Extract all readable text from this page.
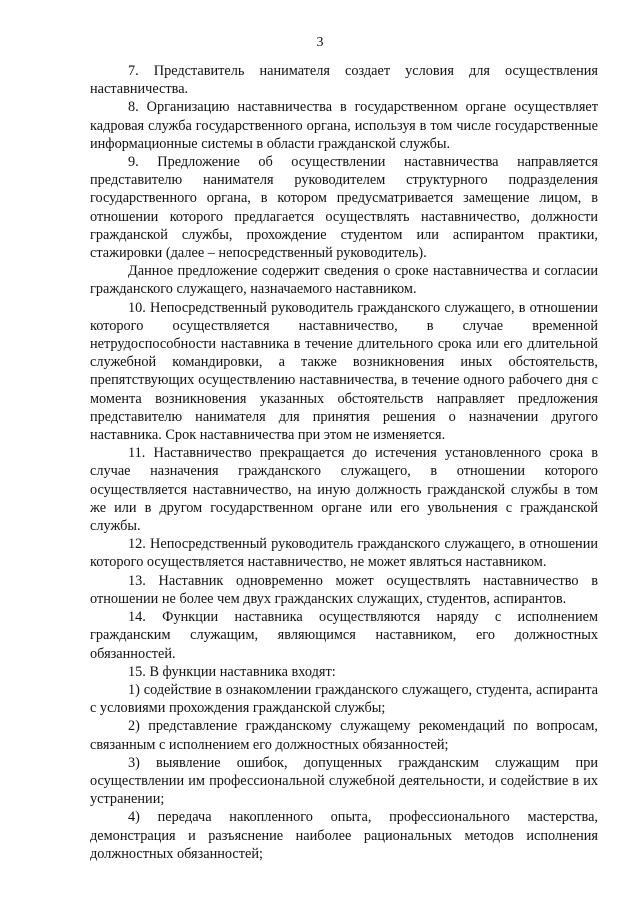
3

7. Представитель нанимателя создает условия для осуществления наставничества.

8. Организацию наставничества в государственном органе осуществляет кадровая служба государственного органа, используя в том числе государственные информационные системы в области гражданской службы.

9. Предложение об осуществлении наставничества направляется представителю нанимателя руководителем структурного подразделения государственного органа, в котором предусматривается замещение лицом, в отношении которого предлагается осуществлять наставничество, должности гражданской службы, прохождение студентом или аспирантом практики, стажировки (далее – непосредственный руководитель).

Данное предложение содержит сведения о сроке наставничества и согласии гражданского служащего, назначаемого наставником.

10. Непосредственный руководитель гражданского служащего, в отношении которого осуществляется наставничество, в случае временной нетрудоспособности наставника в течение длительного срока или его длительной служебной командировки, а также возникновения иных обстоятельств, препятствующих осуществлению наставничества, в течение одного рабочего дня с момента возникновения указанных обстоятельств направляет предложения представителю нанимателя для принятия решения о назначении другого наставника. Срок наставничества при этом не изменяется.

11. Наставничество прекращается до истечения установленного срока в случае назначения гражданского служащего, в отношении которого осуществляется наставничество, на иную должность гражданской службы в том же или в другом государственном органе или его увольнения с гражданской службы.

12. Непосредственный руководитель гражданского служащего, в отношении которого осуществляется наставничество, не может являться наставником.

13. Наставник одновременно может осуществлять наставничество в отношении не более чем двух гражданских служащих, студентов, аспирантов.

14. Функции наставника осуществляются наряду с исполнением гражданским служащим, являющимся наставником, его должностных обязанностей.

15. В функции наставника входят:

1) содействие в ознакомлении гражданского служащего, студента, аспиранта с условиями прохождения гражданской службы;

2) представление гражданскому служащему рекомендаций по вопросам, связанным с исполнением его должностных обязанностей;

3) выявление ошибок, допущенных гражданским служащим при осуществлении им профессиональной служебной деятельности, и содействие в их устранении;

4) передача накопленного опыта, профессионального мастерства, демонстрация и разъяснение наиболее рациональных методов исполнения должностных обязанностей;
